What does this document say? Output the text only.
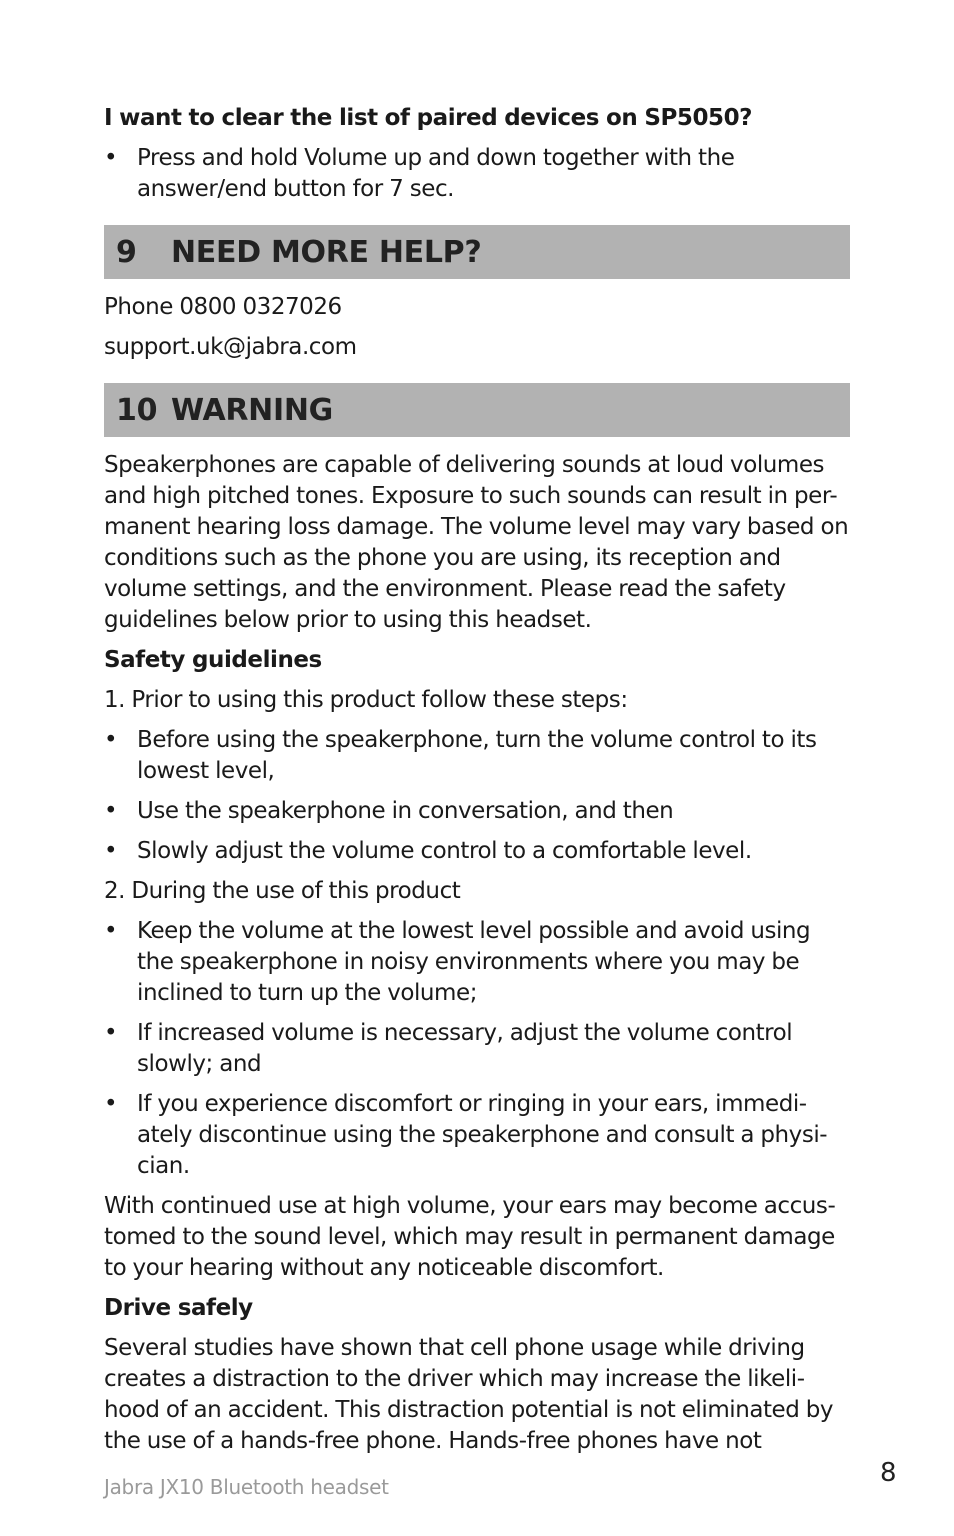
I want to clear the list of paired devices on SP5050?

• Press and hold Volume up and down together with the answer/end button for 7 sec.
9	NEED MORE HELP?

Phone 0800 0327026

support.uk@jabra.com

10 WARNING

Speakerphones are capable of delivering sounds at loud volumes and high pitched tones. Exposure to such sounds can result in per-manent hearing loss damage. The volume level may vary based on conditions such as the phone you are using, its reception and volume settings, and the environment. Please read the safety guidelines below prior to using this headset.

Safety guidelines

1. Prior to using this product follow these steps:

• Before using the speakerphone, turn the volume control to its lowest level,
• Use the speakerphone in conversation, and then
• Slowly adjust the volume control to a comfortable level.

2. During the use of this product

• Keep the volume at the lowest level possible and avoid using the speakerphone in noisy environments where you may be inclined to turn up the volume;
• If increased volume is necessary, adjust the volume control slowly; and
• If you experience discomfort or ringing in your ears, immedi-ately discontinue using the speakerphone and consult a physi-cian.

With continued use at high volume, your ears may become accus-tomed to the sound level, which may result in permanent damage to your hearing without any noticeable discomfort.

Drive safely

Several studies have shown that cell phone usage while driving creates a distraction to the driver which may increase the likeli-hood of an accident. This distraction potential is not eliminated by the use of a hands-free phone. Hands-free phones have not

Jabra JX10 Bluetooth headset	8
